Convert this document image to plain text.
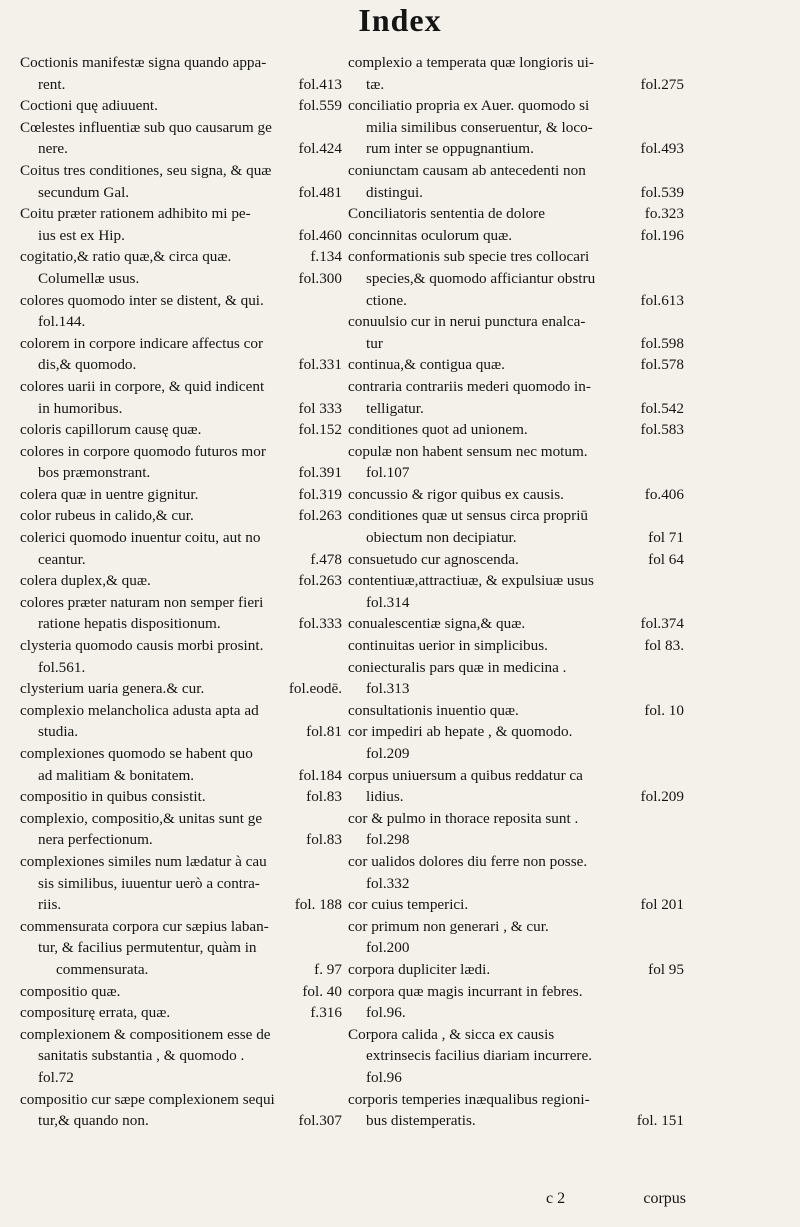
Index
Coctionis manifestæ signa quando appa-
rent.	fol.413
Coctioni quę adiuuent.	fol.559
Cœlestes influentiæ sub quo causarum ge
nere.	fol.424
Coitus tres conditiones, seu signa, & quæ
secundum Gal.	fol.481
Coitu præter rationem adhibito mi pe-
ius est ex Hip.	fol.460
cogitatio,& ratio quæ,& circa quæ.	f.134
Columellæ usus.	fol.300
colores quomodo inter se distent, & qui.
fol.144.
colorem in corpore indicare affectus cor
dis,& quomodo.	fol.331
colores uarii in corpore, & quid indicent
in humoribus.	fol 333
coloris capillorum causę quæ.	fol.152
colores in corpore quomodo futuros mor
bos præmonstrant.	fol.391
colera quæ in uentre gignitur.	fol.319
color rubeus in calido,& cur.	fol.263
colerici quomodo inuentur coitu, aut no
ceantur.	f.478
colera duplex,& quæ.	fol.263
colores præter naturam non semper fieri
ratione hepatis dispositionum.	fol.333
clysteria quomodo causis morbi prosint.
fol.561.
clysterium uaria genera.& cur.	fol.eodē.
complexio melancholica adusta apta ad
studia.	fol.81
complexiones quomodo se habent quo
ad malitiam & bonitatem.	fol.184
compositio in quibus consistit.	fol.83
complexio, compositio,& unitas sunt ge
nera perfectionum.	fol.83
complexiones similes num lædatur à cau
sis similibus, iuuentur uerò a contra-
riis.	fol. 188
commensurata corpora cur sæpius laban-
tur, & facilius permutentur, quàm in
commensurata.	f. 97
compositio quæ.	fol. 40
compositurę errata, quæ.	f.316
complexionem & compositionem esse de
sanitatis substantia , & quomodo .
fol.72
compositio cur sæpe complexionem sequi
tur,& quando non.	fol.307
complexio a temperata quæ longioris ui-
tæ.	fol.275
conciliatio propria ex Auer. quomodo si
milia similibus conseruentur, & loco-
rum inter se oppugnantium.	fol.493
coniunctam causam ab antecedenti non
distingui.	fol.539
Conciliatoris sententia de dolore	fo.323
concinnitas oculorum quæ.	fol.196
conformationis sub specie tres collocari
species,& quomodo afficiantur obstru
ctione.	fol.613
conuulsio cur in nerui punctura enalca-
tur	fol.598
continua,& contigua quæ.	fol.578
contraria contrariis mederi quomodo in-
telligatur.	fol.542
conditiones quot ad unionem.	fol.583
copulæ non habent sensum nec motum.
fol.107
concussio & rigor quibus ex causis.	fo.406
conditiones quæ ut sensus circa propriū
obiectum non decipiatur.	fol 71
consuetudo cur agnoscenda.	fol 64
contentiuæ,attractiuæ, & expulsiuæ usus
fol.314
conualescentiæ signa,& quæ.	fol.374
continuitas uerior in simplicibus.	fol 83.
coniecturalis pars quæ in medicina .
fol.313
consultationis inuentio quæ.	fol. 10
cor impediri ab hepate , & quomodo.
fol.209
corpus uniuersum a quibus reddatur ca
lidius.	fol.209
cor & pulmo in thorace reposita sunt .
fol.298
cor ualidos dolores diu ferre non posse.
fol.332
cor cuius temperici.	fol 201
cor primum non generari , & cur.
fol.200
corpora dupliciter lædi.	fol 95
corpora quæ magis incurrant in febres.
fol.96.
Corpora calida , & sicca ex causis
extrinsecis facilius diariam incurrere.
fol.96
corporis temperies inæqualibus regioni-
bus distemperatis.	fol. 151
c 2	corpus
